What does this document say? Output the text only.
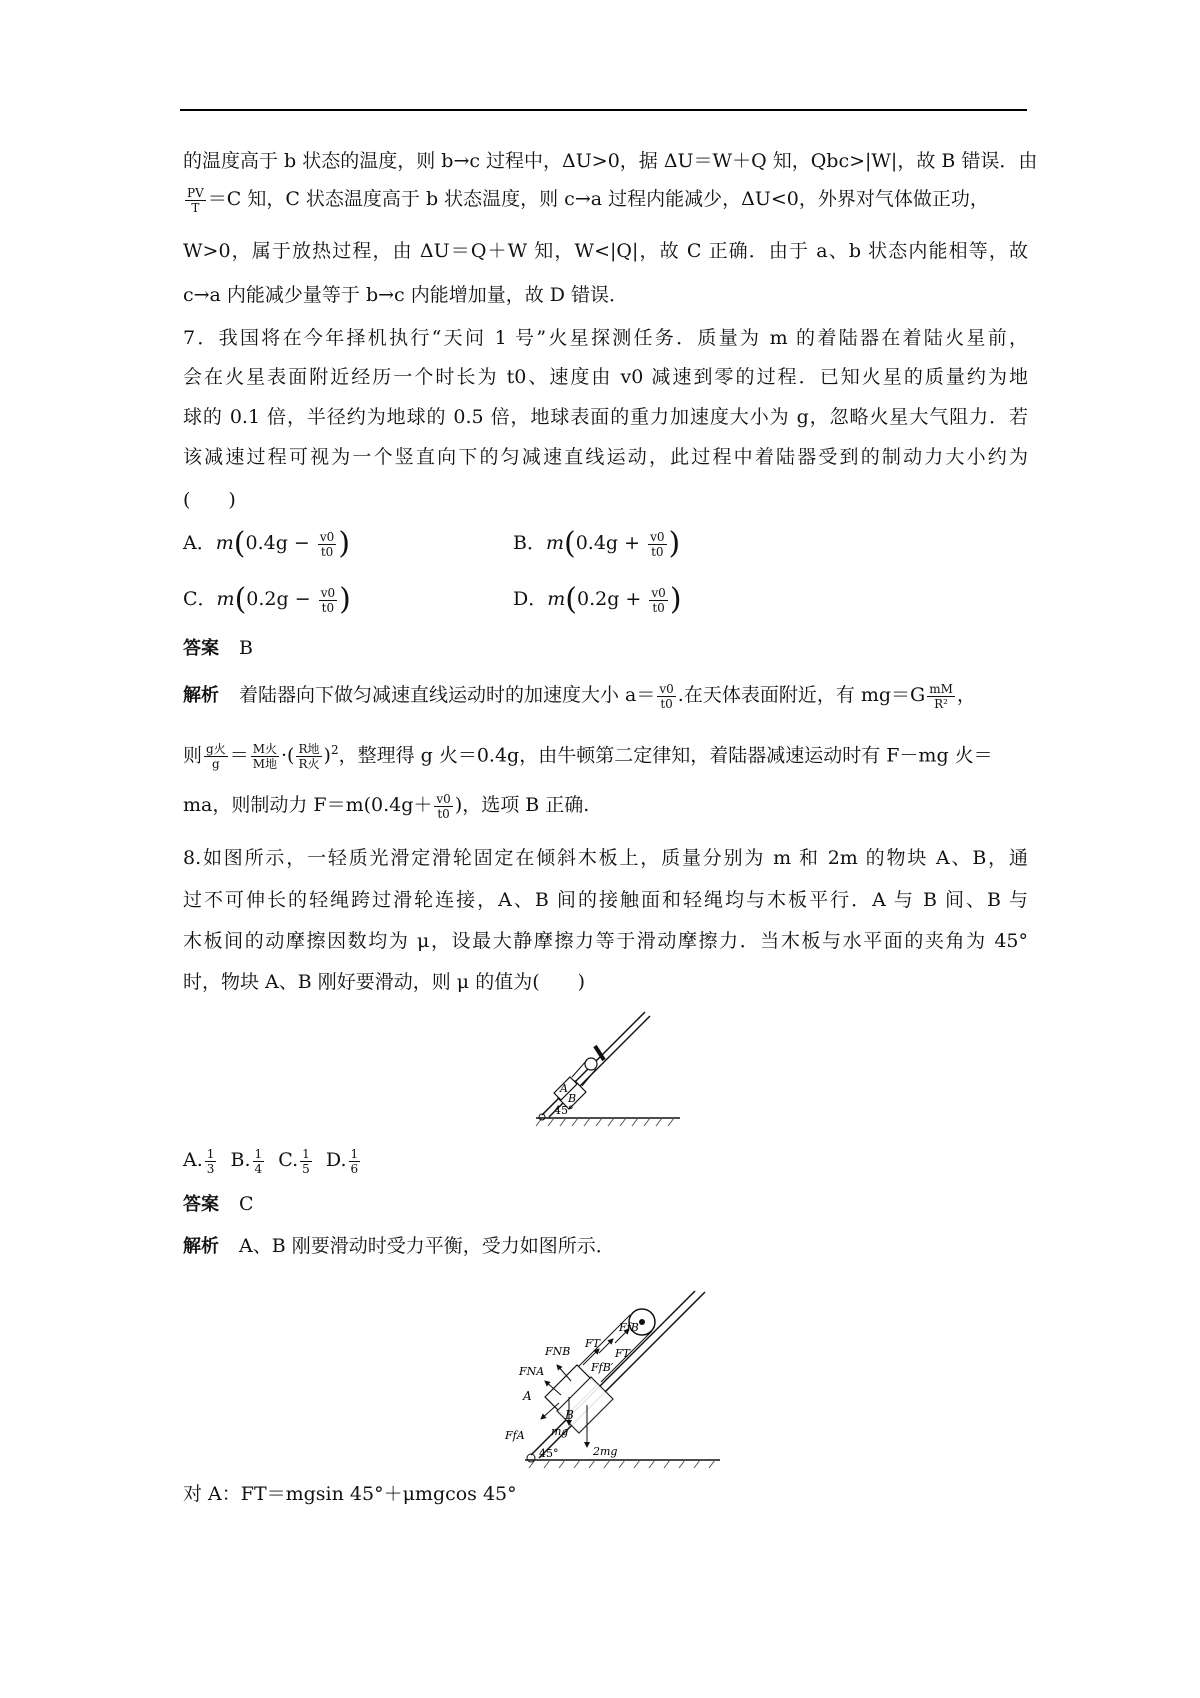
的温度高于 b 状态的温度，则 b→c 过程中，ΔU>0，据 ΔU＝W＋Q 知，Qbc>|W|，故 B 错误．由
$\frac{PV}{T} =C$ 知，C 状态温度高于 b 状态温度，则 c→a 过程内能减少，ΔU<0，外界对气体做正功，
W>0，属于放热过程，由 ΔU＝Q＋W 知，W<|Q|，故 C 正确．由于 a、b 状态内能相等，故
c→a 内能减少量等于 b→c 内能增加量，故 D 错误．
7．我国将在今年择机执行“天问 1 号”火星探测任务．质量为 m 的着陆器在着陆火星前，
会在火星表面附近经历一个时长为 t0、速度由 v0 减速到零的过程．已知火星的质量约为地
球的 0.1 倍，半径约为地球的 0.5 倍，地球表面的重力加速度大小为 g，忽略火星大气阻力．若
该减速过程可视为一个竖直向下的匀减速直线运动，此过程中着陆器受到的制动力大小约为
(　　)
A．$m(0.4g - \frac{v0}{t0}$ )	B．$m(0.4g + \frac{v0}{t0}$ )
C．$m(0.2g - \frac{v0}{t0}$ )	D．$m(0.2g + \frac{v0}{t0}$ )
答案 B
解析 着陆器向下做匀减速直线运动时的加速度大小 $a= \frac{v0}{t0}$ .在天体表面附近，有 $mg=G \frac{mM}{\text{R²}}$ ，
则 $\frac{\text{g火}}{g} = \frac{\text{M火}}{\text{M地}}$ ·( $\frac{\text{R地}}{\text{R火}} )^2$，整理得 g 火＝0.4g，由牛顿第二定律知，着陆器减速运动时有 F－mg 火＝
ma，则制动力 $F=m(0.4g+ \frac{v0}{t0}$ )，选项 B 正确.
8.如图所示，一轻质光滑定滑轮固定在倾斜木板上，质量分别为 m 和 2m 的物块 A、B，通
过不可伸长的轻绳跨过滑轮连接，A、B 间的接触面和轻绳均与木板平行．A 与 B 间、B 与
木板间的动摩擦因数均为 μ，设最大静摩擦力等于滑动摩擦力．当木板与水平面的夹角为 45°
时，物块 A、B 刚好要滑动，则 μ 的值为(　　)
A
B
45°
A. $\frac{1}{3} B$. $\frac{1}{4} C$. $\frac{1}{5} D$. $\frac{1}{6}$
答案 C
解析 A、B 刚要滑动时受力平衡，受力如图所示．
FNB
FT
FfB
FNA	FfB′
FT
A
B
FfA mg
45°	2mg
对 A：FT＝mgsin 45°＋μmgcos 45°
